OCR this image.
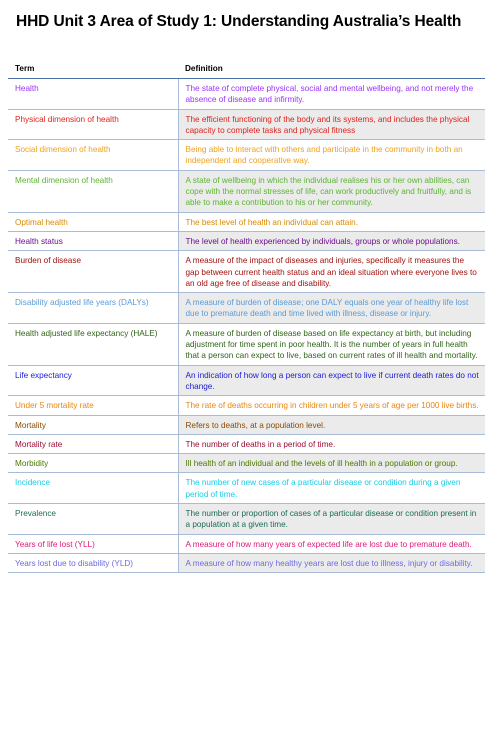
HHD Unit 3 Area of Study 1: Understanding Australia’s Health
Term	Definition
Health	The state of complete physical, social and mental wellbeing, and not merely the absence of disease and infirmity.
Physical dimension of health	The efficient functioning of the body and its systems, and includes the physical capacity to complete tasks and physical fitness
Social dimension of health	Being able to interact with others and participate in the community in both an independent and cooperative way.
Mental dimension of health	A state of wellbeing in which the individual realises his or her own abilities, can cope with the normal stresses of life, can work productively and fruitfully, and is able to make a contribution to his or her community.
Optimal health	The best level of health an individual can attain.
Health status	The level of health experienced by individuals, groups or whole populations.
Burden of disease	A measure of the impact of diseases and injuries, specifically it measures the gap between current health status and an ideal situation where everyone lives to an old age free of disease and disability.
Disability adjusted life years (DALYs)	A measure of burden of disease; one DALY equals one year of healthy life lost due to premature death and time lived with illness, disease or injury.
Health adjusted life expectancy (HALE)	A measure of burden of disease based on life expectancy at birth, but including adjustment for time spent in poor health. It is the number of years in full health that a person can expect to live, based on current rates of ill health and mortality.
Life expectancy	An indication of how long a person can expect to live if current death rates do not change.
Under 5 mortality rate	The rate of deaths occurring in children under 5 years of age per 1000 live births.
Mortality	Refers to deaths, at a population level.
Mortality rate	The number of deaths in a period of time.
Morbidity	Ill health of an individual and the levels of ill health in a population or group.
Incidence	The number of new cases of a particular disease or condition during a given period of time.
Prevalence	The number or proportion of cases of a particular disease or condition present in a population at a given time.
Years of life lost (YLL)	A measure of how many years of expected life are lost due to premature death.
Years lost due to disability (YLD)	A measure of how many healthy years are lost due to illness, injury or disability.
